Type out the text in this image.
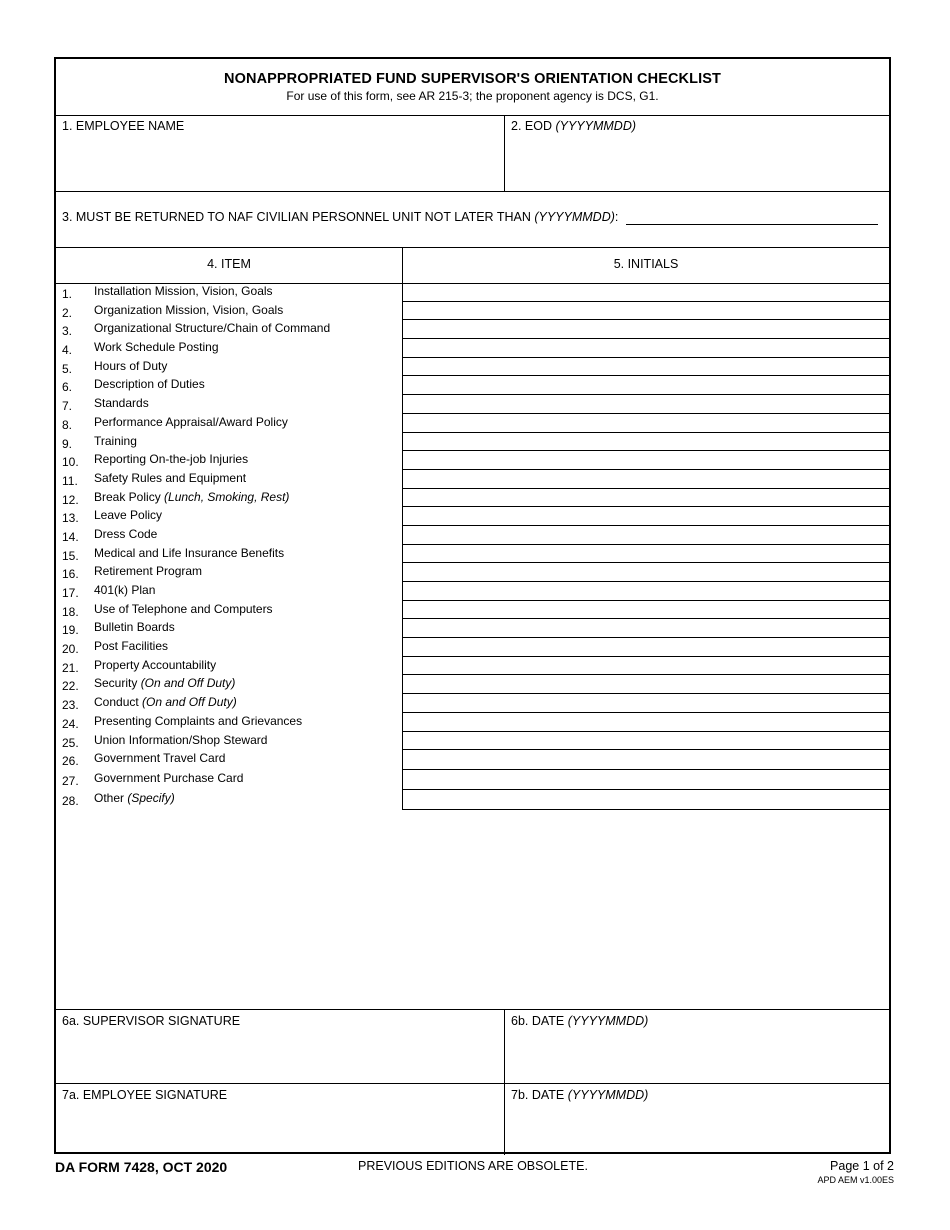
NONAPPROPRIATED FUND SUPERVISOR'S ORIENTATION CHECKLIST
For use of this form, see AR 215-3; the proponent agency is DCS, G1.
1. EMPLOYEE NAME	2. EOD (YYYYMMDD)
3. MUST BE RETURNED TO NAF CIVILIAN PERSONNEL UNIT NOT LATER THAN (YYYYMMDD):
4. ITEM	5. INITIALS
1. Installation Mission, Vision, Goals
2. Organization Mission, Vision, Goals
3. Organizational Structure/Chain of Command
4. Work Schedule Posting
5. Hours of Duty
6. Description of Duties
7. Standards
8. Performance Appraisal/Award Policy
9. Training
10. Reporting On-the-job Injuries
11. Safety Rules and Equipment
12. Break Policy (Lunch, Smoking, Rest)
13. Leave Policy
14. Dress Code
15. Medical and Life Insurance Benefits
16. Retirement Program
17. 401(k) Plan
18. Use of Telephone and Computers
19. Bulletin Boards
20. Post Facilities
21. Property Accountability
22. Security (On and Off Duty)
23. Conduct (On and Off Duty)
24. Presenting Complaints and Grievances
25. Union Information/Shop Steward
26. Government Travel Card
27. Government Purchase Card
28. Other (Specify)
6a. SUPERVISOR SIGNATURE	6b. DATE (YYYYMMDD)
7a. EMPLOYEE SIGNATURE	7b. DATE (YYYYMMDD)
DA FORM 7428, OCT 2020	PREVIOUS EDITIONS ARE OBSOLETE.	Page 1 of 2
APD AEM v1.00ES
